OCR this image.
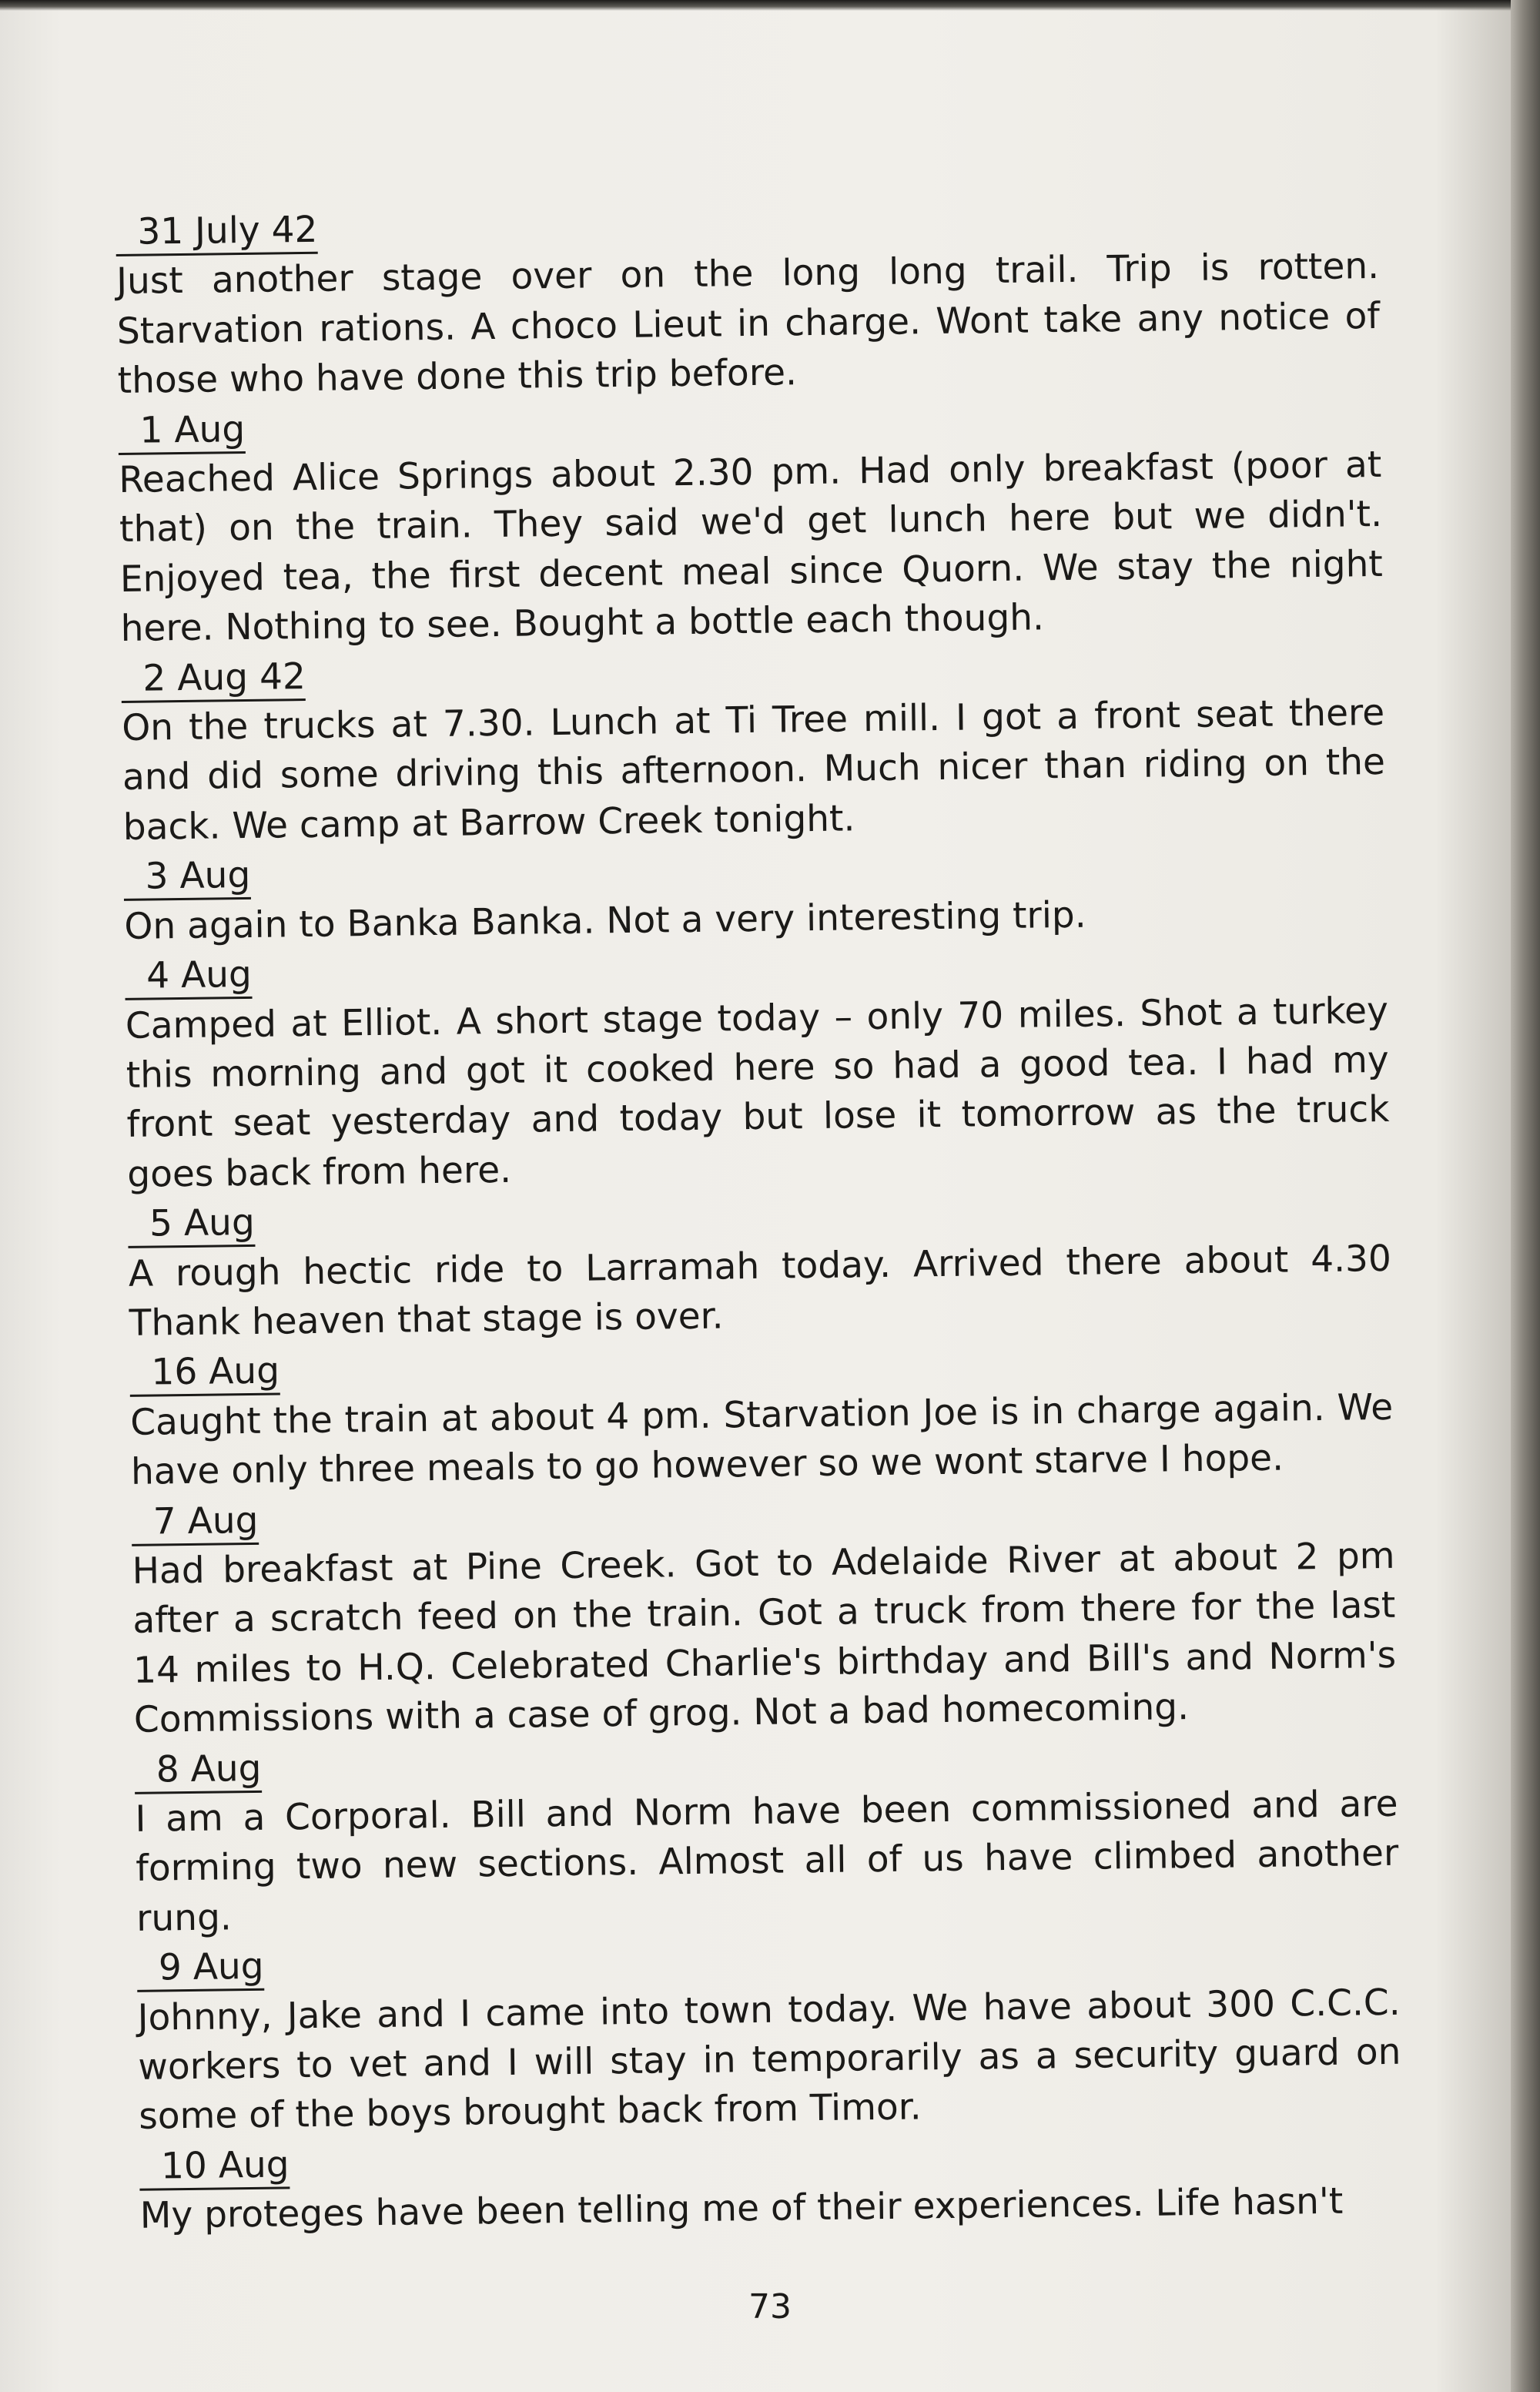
31 July 42

Just another stage over on the long long trail. Trip is rotten. Starvation rations. A choco Lieut in charge. Wont take any notice of those who have done this trip before.

1 Aug

Reached Alice Springs about 2.30 pm. Had only breakfast (poor at that) on the train. They said we'd get lunch here but we didn't. Enjoyed tea, the first decent meal since Quorn. We stay the night here. Nothing to see. Bought a bottle each though.

2 Aug 42

On the trucks at 7.30. Lunch at Ti Tree mill. I got a front seat there and did some driving this afternoon. Much nicer than riding on the back. We camp at Barrow Creek tonight.

3 Aug

On again to Banka Banka. Not a very interesting trip.

4 Aug

Camped at Elliot. A short stage today – only 70 miles. Shot a turkey this morning and got it cooked here so had a good tea. I had my front seat yesterday and today but lose it tomorrow as the truck goes back from here.

5 Aug

A rough hectic ride to Larramah today. Arrived there about 4.30 Thank heaven that stage is over.

16 Aug

Caught the train at about 4 pm. Starvation Joe is in charge again. We have only three meals to go however so we wont starve I hope.

7 Aug

Had breakfast at Pine Creek. Got to Adelaide River at about 2 pm after a scratch feed on the train. Got a truck from there for the last 14 miles to H.Q. Celebrated Charlie's birthday and Bill's and Norm's Commissions with a case of grog. Not a bad homecoming.

8 Aug

I am a Corporal. Bill and Norm have been commissioned and are forming two new sections. Almost all of us have climbed another rung.

9 Aug

Johnny, Jake and I came into town today. We have about 300 C.C.C. workers to vet and I will stay in temporarily as a security guard on some of the boys brought back from Timor.

10 Aug

My proteges have been telling me of their experiences. Life hasn't

73
